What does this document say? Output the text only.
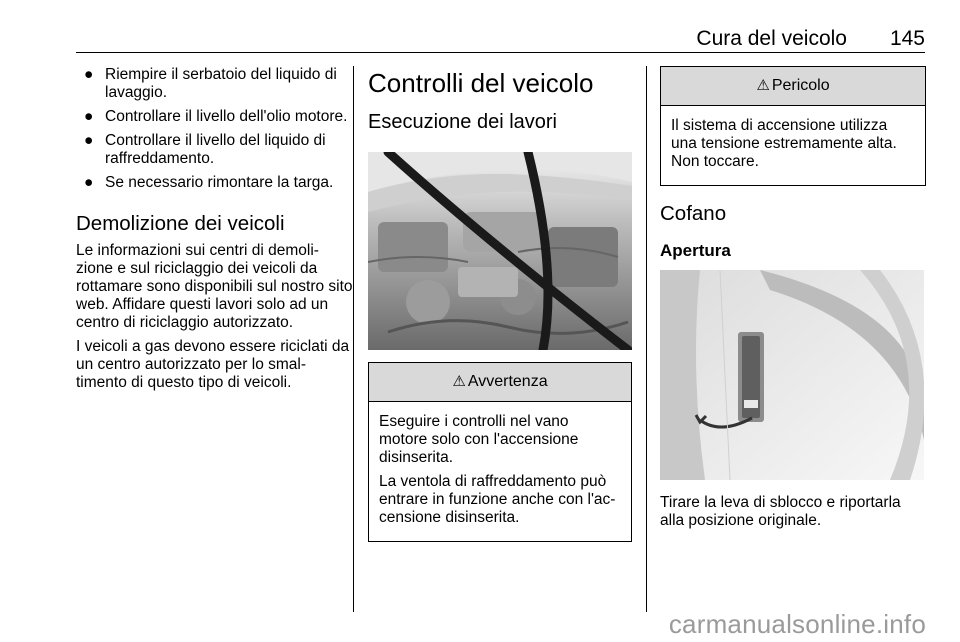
Cura del veicolo 145
● Riempire il serbatoio del liquido di lavaggio.
● Controllare il livello dell'olio motore.
● Controllare il livello del liquido di raffreddamento.
● Se necessario rimontare la targa.
Demolizione dei veicoli

Le informazioni sui centri di demoli-zione e sul riciclaggio dei veicoli da rottamare sono disponibili sul nostro sito web. Affidare questi lavori solo ad un centro di riciclaggio autorizzato.

I veicoli a gas devono essere riciclati da un centro autorizzato per lo smal-timento di questo tipo di veicoli.

Controlli del veicolo
Esecuzione dei lavori
⚠ Avvertenza

Eseguire i controlli nel vano motore solo con l'accensione disinserita.

La ventola di raffreddamento può entrare in funzione anche con l'ac-censione disinserita.

⚠ Pericolo

Il sistema di accensione utilizza una tensione estremamente alta. Non toccare.

Cofano
Apertura

Tirare la leva di sblocco e riportarla alla posizione originale.

carmanualsonline.info
